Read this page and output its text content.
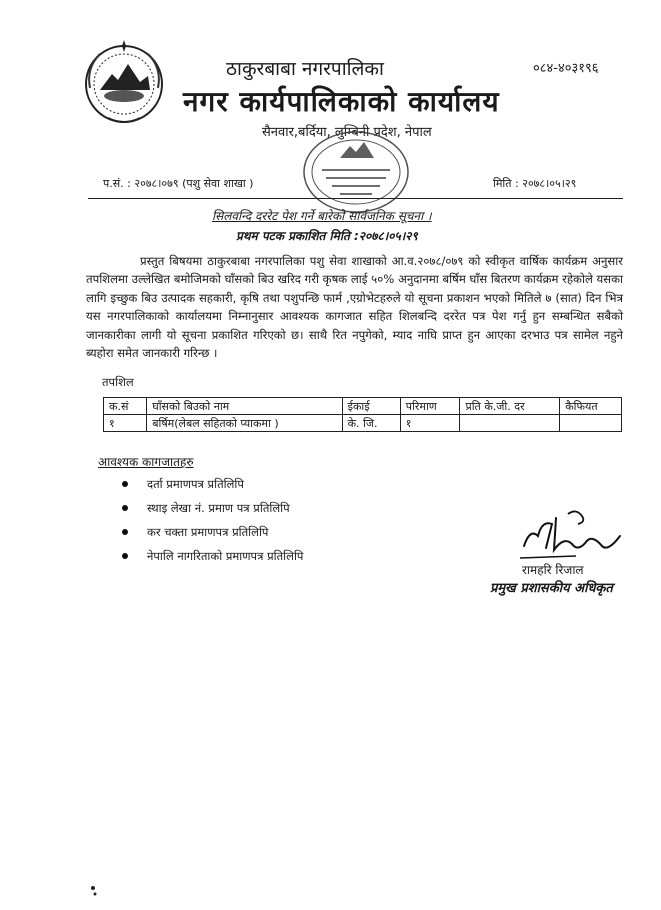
०८४-४०३१९६
ठाकुरबाबा नगरपालिका
नगर कार्यपालिकाको कार्यालय
सैनवार,बर्दिया, लुम्बिनी प्रदेश, नेपाल
प.सं. : २०७८।०७९ (पशु सेवा शाखा )	मिति : २०७८।०५।२९
सिलवन्दि दररेट पेश गर्ने बारेको सार्वजनिक सूचना ।
प्रथम पटक प्रकाशित मिति :२०७८।०५।२९
प्रस्तुत बिषयमा ठाकुरबाबा नगरपालिका पशु सेवा शाखाको आ.व.२०७८/०७९ को स्वीकृत वार्षिक कार्यक्रम अनुसार तपशिलमा उल्लेखित बमोजिमको घाँसको बिउ खरिद गरी कृषक लाई ५०% अनुदानमा बर्षिम घाँस बितरण कार्यक्रम रहेकोले यसका लागि इच्छुक बिउ उत्पादक सहकारी, कृषि तथा पशुपन्छि फार्म ,एग्रोभेटहरुले यो सूचना प्रकाशन भएको मितिले ७ (सात) दिन भित्र यस नगरपालिकाको कार्यालयमा निम्नानुसार आवश्यक कागजात सहित शिलबन्दि दररेत पत्र पेश गर्नु हुन सम्बन्धित सबैको जानकारीका लागी यो सूचना प्रकाशित गरिएको छ। साथै रित नपुगेको, म्याद नाघि प्राप्त हुन आएका दरभाउ पत्र सामेल नहुने ब्यहोरा समेत जानकारी गरिन्छ ।
तपशिल
क.सं	घाँसको बिउको नाम	ईकाई	परिमाण	प्रति के.जी. दर	कैफियत
१	बर्षिम(लेबल सहितको प्याकमा )	के. जि.	१		
आवश्यक कागजातहरु
दर्ता प्रमाणपत्र प्रतिलिपि
स्थाइ लेखा नं. प्रमाण पत्र प्रतिलिपि
कर चक्ता प्रमाणपत्र प्रतिलिपि
नेपालि नागरिताको प्रमाणपत्र प्रतिलिपि
रामहरि रिजाल
प्रमुख प्रशासकीय अधिकृत
